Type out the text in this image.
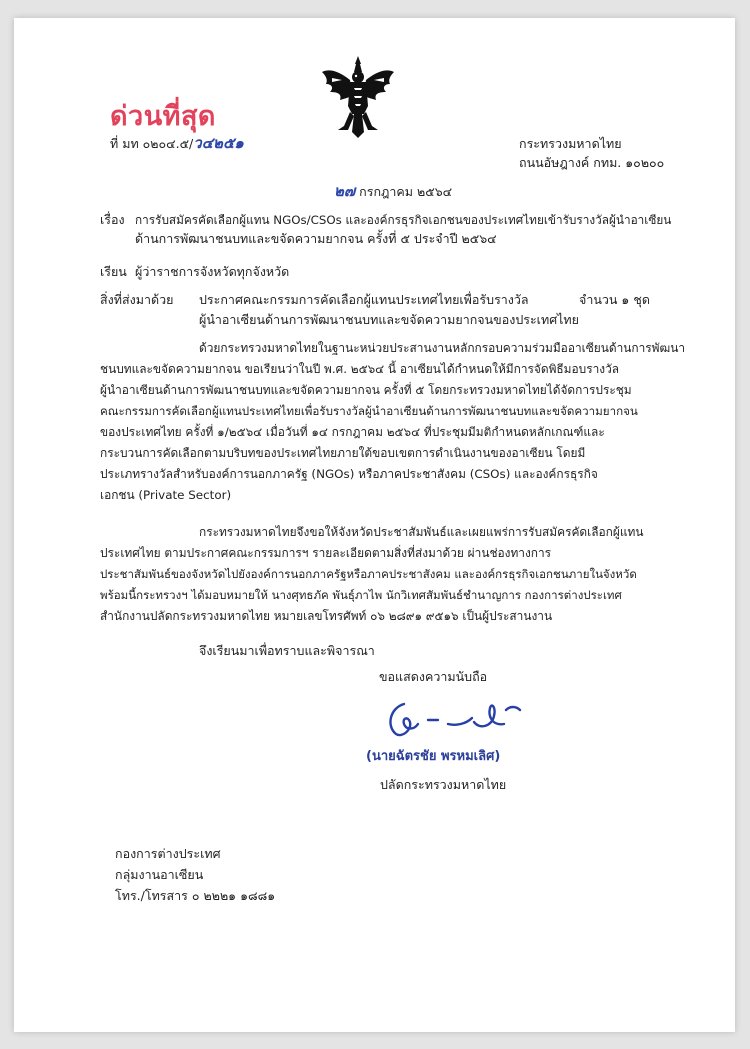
ด่วนที่สุด
ที่ มท ๐๒๐๔.๕/ว๔๒๕๑	กระทรวงมหาดไทย
ถนนอัษฎางค์ กทม. ๑๐๒๐๐
๒๗ กรกฎาคม ๒๕๖๔
เรื่อง การรับสมัครคัดเลือกผู้แทน NGOs/CSOs และองค์กรธุรกิจเอกชนของประเทศไทยเข้ารับรางวัลผู้นำอาเซียน
ด้านการพัฒนาชนบทและขจัดความยากจน ครั้งที่ ๕ ประจำปี ๒๕๖๔
เรียน ผู้ว่าราชการจังหวัดทุกจังหวัด
สิ่งที่ส่งมาด้วย ประกาศคณะกรรมการคัดเลือกผู้แทนประเทศไทยเพื่อรับรางวัล	จำนวน ๑ ชุด
ผู้นำอาเซียนด้านการพัฒนาชนบทและขจัดความยากจนของประเทศไทย
ด้วยกระทรวงมหาดไทยในฐานะหน่วยประสานงานหลักกรอบความร่วมมืออาเซียนด้านการพัฒนา
ชนบทและขจัดความยากจน ขอเรียนว่าในปี พ.ศ. ๒๕๖๔ นี้ อาเซียนได้กำหนดให้มีการจัดพิธีมอบรางวัล
ผู้นำอาเซียนด้านการพัฒนาชนบทและขจัดความยากจน ครั้งที่ ๕ โดยกระทรวงมหาดไทยได้จัดการประชุม
คณะกรรมการคัดเลือกผู้แทนประเทศไทยเพื่อรับรางวัลผู้นำอาเซียนด้านการพัฒนาชนบทและขจัดความยากจน
ของประเทศไทย ครั้งที่ ๑/๒๕๖๔ เมื่อวันที่ ๑๔ กรกฎาคม ๒๕๖๔ ที่ประชุมมีมติกำหนดหลักเกณฑ์และ
กระบวนการคัดเลือกตามบริบทของประเทศไทยภายใต้ขอบเขตการดำเนินงานของอาเซียน โดยมี
ประเภทรางวัลสำหรับองค์การนอกภาครัฐ (NGOs) หรือภาคประชาสังคม (CSOs) และองค์กรธุรกิจ
เอกชน (Private Sector)
กระทรวงมหาดไทยจึงขอให้จังหวัดประชาสัมพันธ์และเผยแพร่การรับสมัครคัดเลือกผู้แทน
ประเทศไทย ตามประกาศคณะกรรมการฯ รายละเอียดตามสิ่งที่ส่งมาด้วย ผ่านช่องทางการ
ประชาสัมพันธ์ของจังหวัดไปยังองค์การนอกภาครัฐหรือภาคประชาสังคม และองค์กรธุรกิจเอกชนภายในจังหวัด
พร้อมนี้กระทรวงฯ ได้มอบหมายให้ นางศุทธภัค พันธุ์ภาไพ นักวิเทศสัมพันธ์ชำนาญการ กองการต่างประเทศ
สำนักงานปลัดกระทรวงมหาดไทย หมายเลขโทรศัพท์ ๐๖ ๒๘๙๑ ๙๕๑๖ เป็นผู้ประสานงาน
จึงเรียนมาเพื่อทราบและพิจารณา
ขอแสดงความนับถือ
(นายฉัตรชัย พรหมเลิศ)
ปลัดกระทรวงมหาดไทย
กองการต่างประเทศ
กลุ่มงานอาเซียน
โทร./โทรสาร ๐ ๒๒๒๑ ๑๘๘๑
